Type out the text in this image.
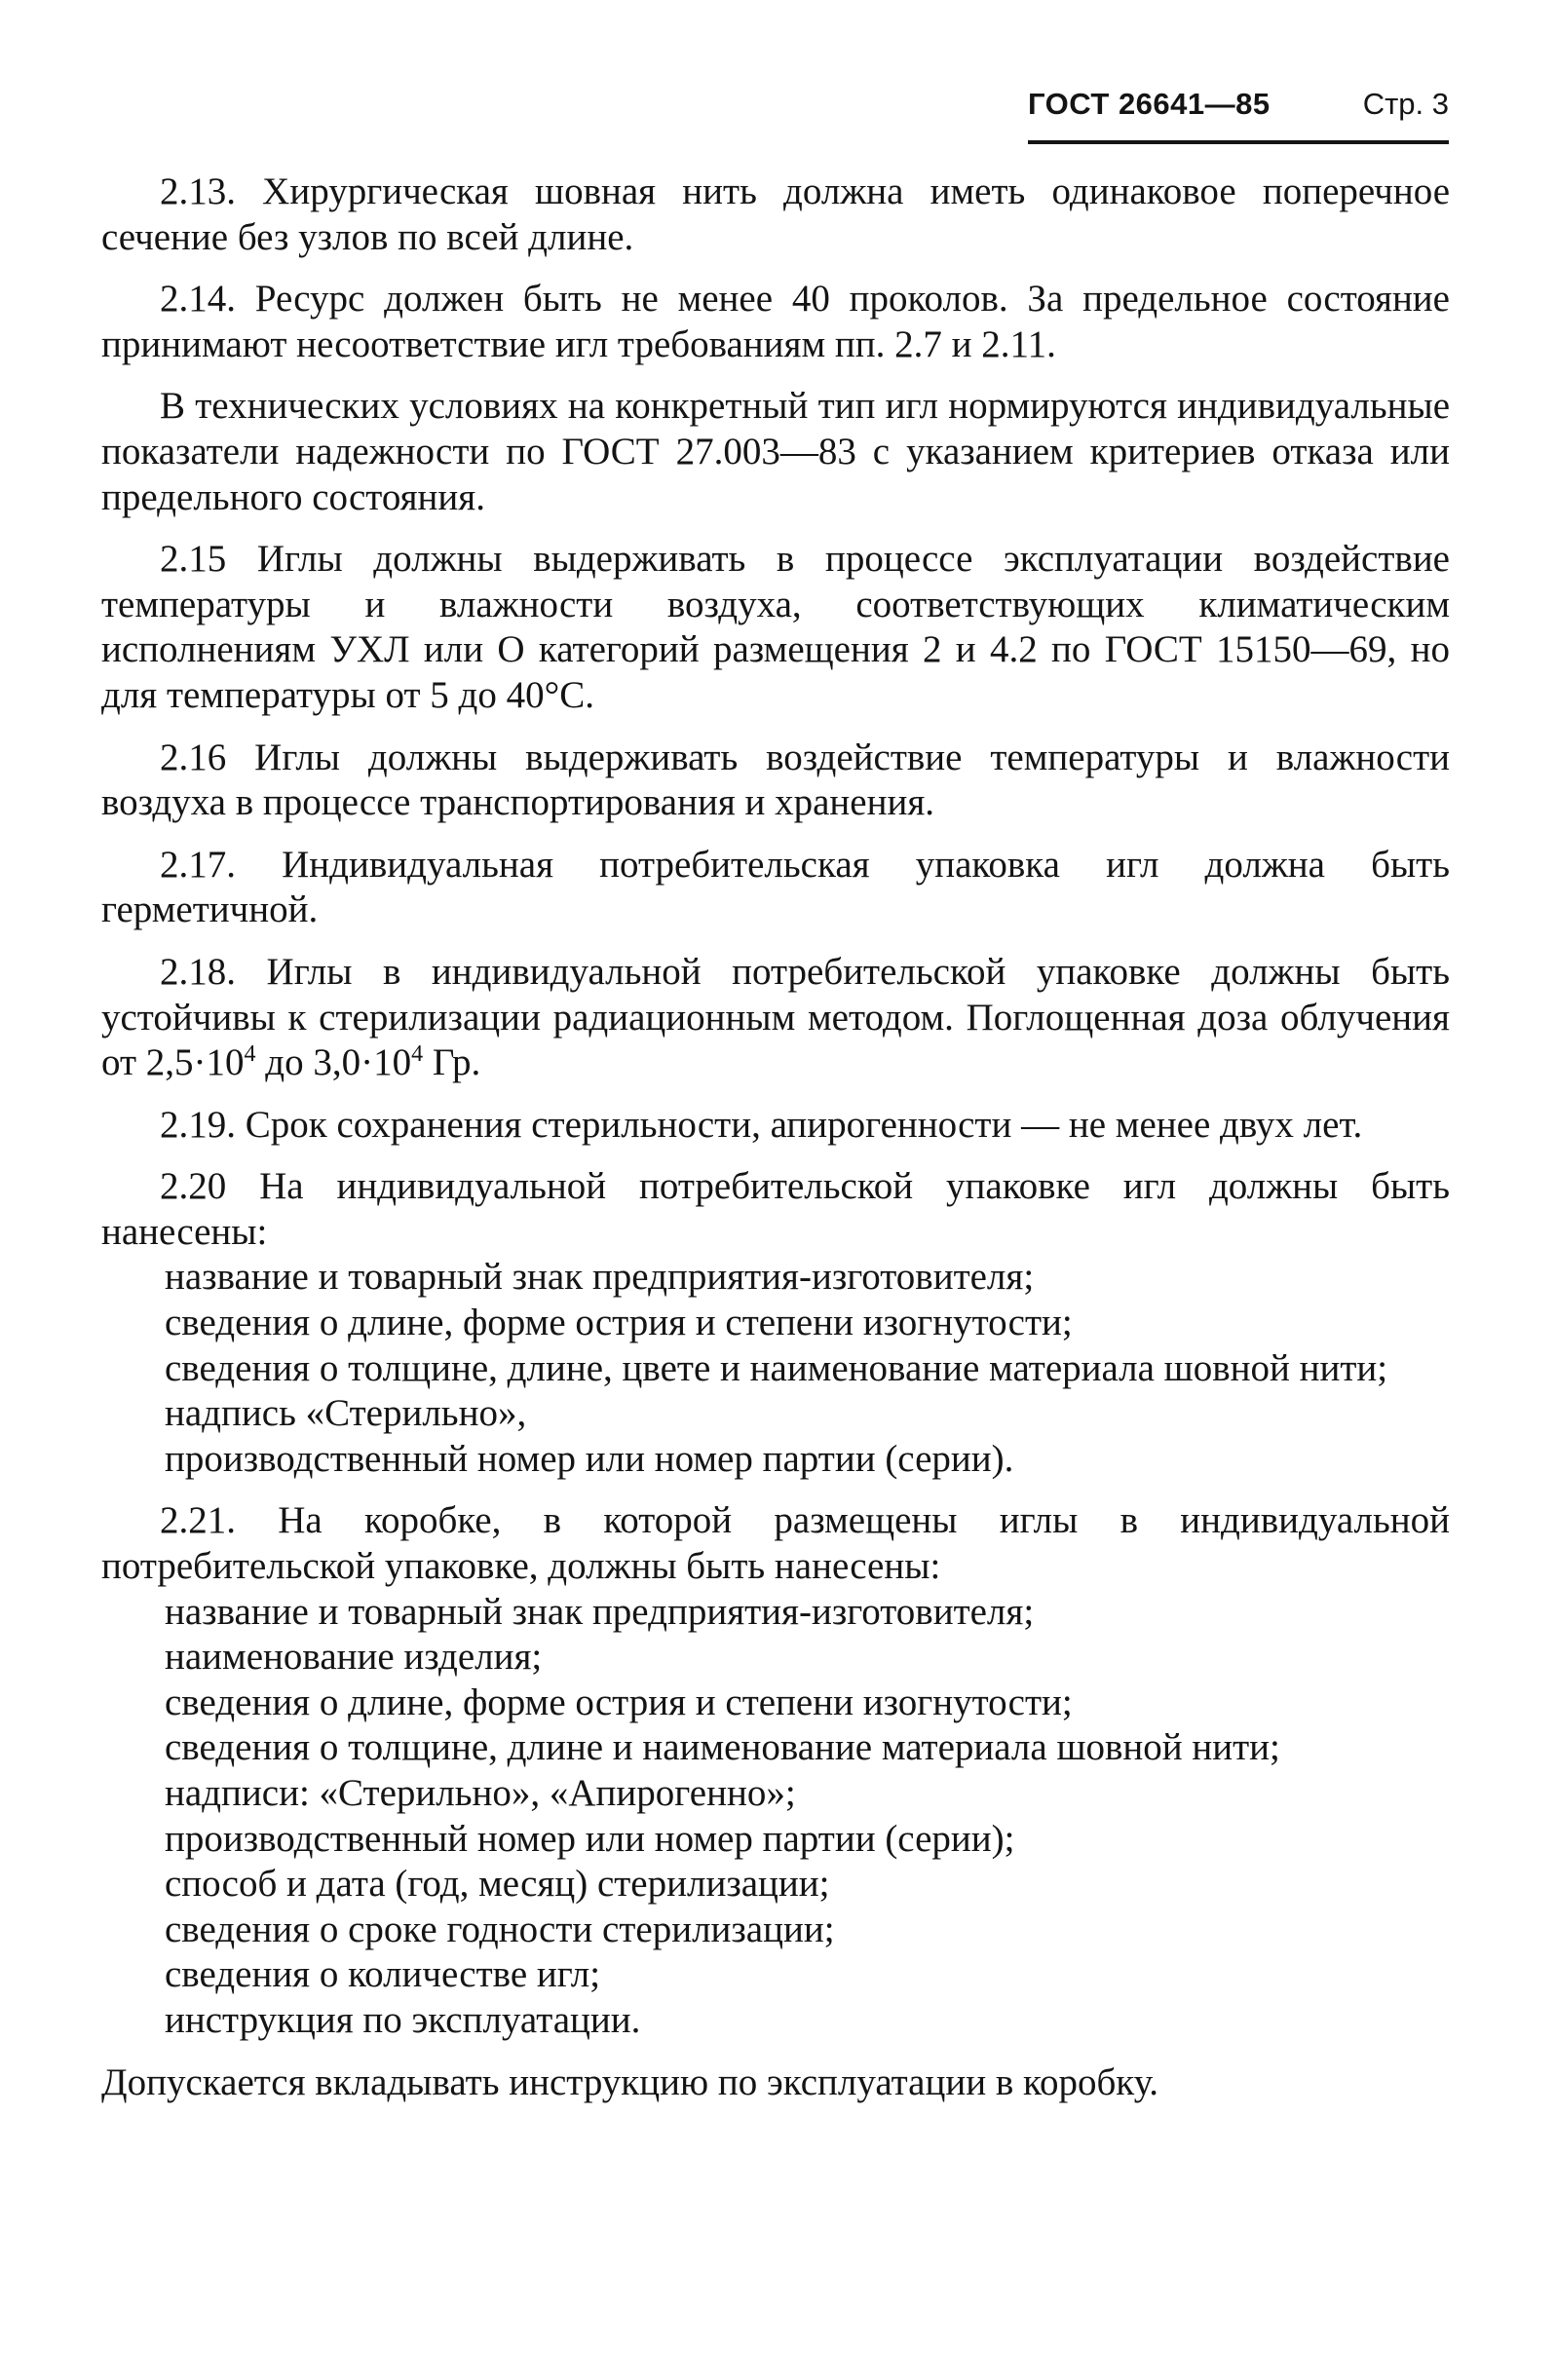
ГОСТ 26641—85	Стр. 3

2.13. Хирургическая шовная нить должна иметь одинаковое поперечное сечение без узлов по всей длине.

2.14. Ресурс должен быть не менее 40 проколов. За предельное состояние принимают несоответствие игл требованиям пп. 2.7 и 2.11.

В технических условиях на конкретный тип игл нормируются индивидуальные показатели надежности по ГОСТ 27.003—83 с указанием критериев отказа или предельного состояния.

2.15 Иглы должны выдерживать в процессе эксплуатации воздействие температуры и влажности воздуха, соответствующих климатическим исполнениям УХЛ или О категорий размещения 2 и 4.2 по ГОСТ 15150—69, но для температуры от 5 до 40°С.

2.16 Иглы должны выдерживать воздействие температуры и влажности воздуха в процессе транспортирования и хранения.

2.17. Индивидуальная потребительская упаковка игл должна быть герметичной.

2.18. Иглы в индивидуальной потребительской упаковке должны быть устойчивы к стерилизации радиационным методом. Поглощенная доза облучения от $2,5\cdot 10^4$ до $3,0\cdot 10^4$ Гр.

2.19. Срок сохранения стерильности, апирогенности — не менее двух лет.

2.20 На индивидуальной потребительской упаковке игл должны быть нанесены:

название и товарный знак предприятия-изготовителя;

сведения о длине, форме острия и степени изогнутости;

сведения о толщине, длине, цвете и наименование материала шовной нити;

надпись «Стерильно»,

производственный номер или номер партии (серии).

2.21. На коробке, в которой размещены иглы в индивидуальной потребительской упаковке, должны быть нанесены:

название и товарный знак предприятия-изготовителя;

наименование изделия;

сведения о длине, форме острия и степени изогнутости;

сведения о толщине, длине и наименование материала шовной нити;

надписи: «Стерильно», «Апирогенно»;

производственный номер или номер партии (серии);

способ и дата (год, месяц) стерилизации;

сведения о сроке годности стерилизации;

сведения о количестве игл;

инструкция по эксплуатации.

Допускается вкладывать инструкцию по эксплуатации в коробку.
